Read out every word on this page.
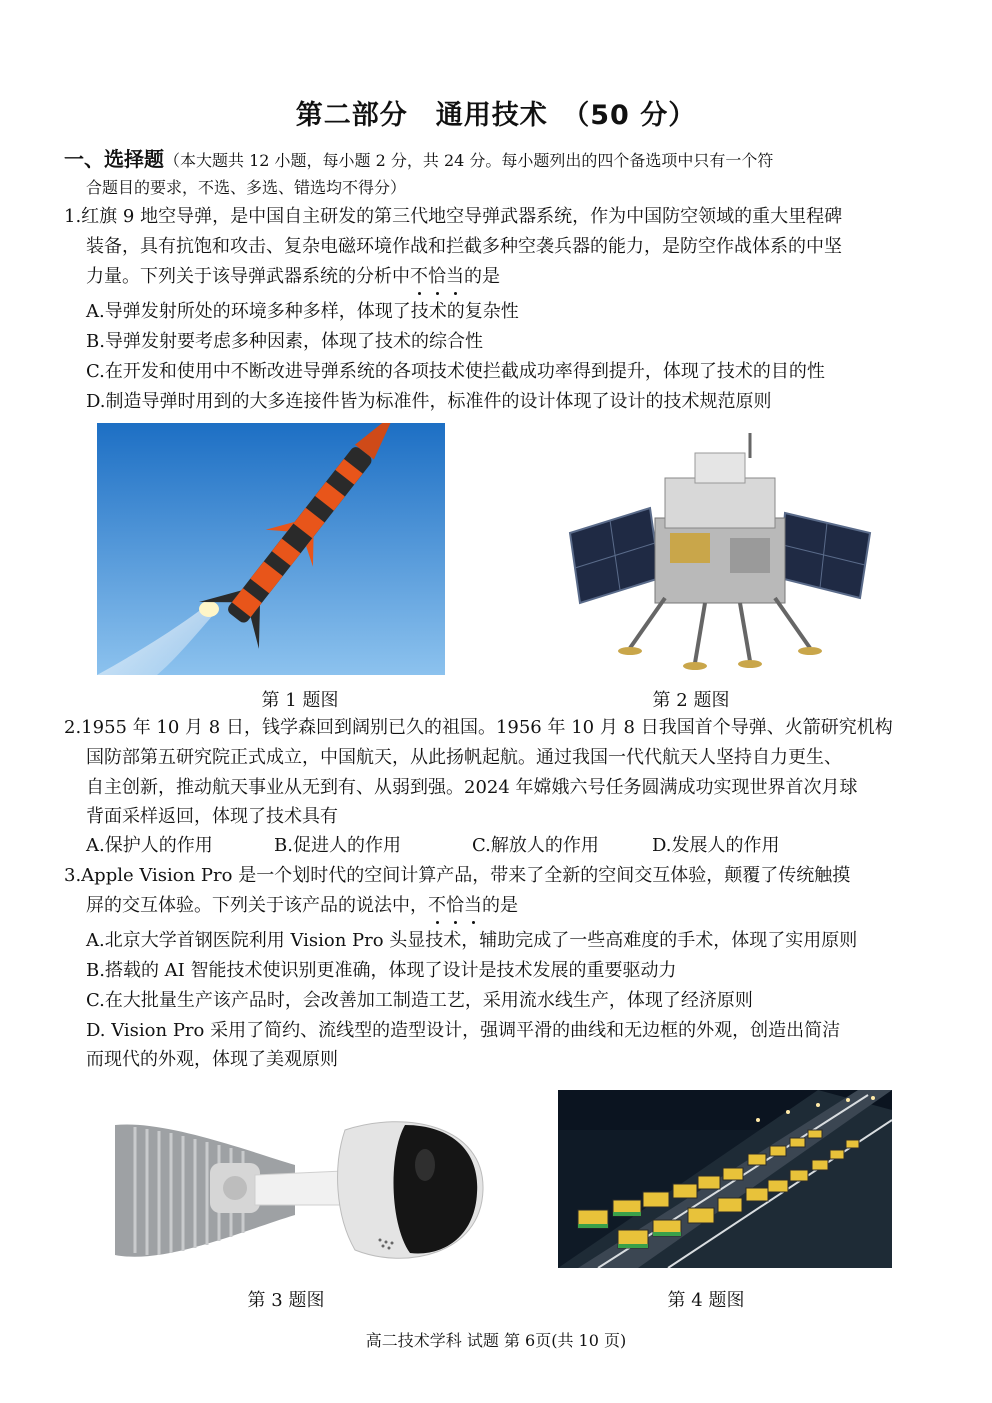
第二部分　通用技术　（50 分）
一、选择题（本大题共 12 小题，每小题 2 分，共 24 分。每小题列出的四个备选项中只有一个符
合题目的要求，不选、多选、错选均不得分）
1.红旗 9 地空导弹，是中国自主研发的第三代地空导弹武器系统，作为中国防空领域的重大里程碑
装备，具有抗饱和攻击、复杂电磁环境作战和拦截多种空袭兵器的能力，是防空作战体系的中坚
力量。下列关于该导弹武器系统的分析中不恰当的是
A.导弹发射所处的环境多种多样，体现了技术的复杂性
B.导弹发射要考虑多种因素，体现了技术的综合性
C.在开发和使用中不断改进导弹系统的各项技术使拦截成功率得到提升，体现了技术的目的性
D.制造导弹时用到的大多连接件皆为标准件，标准件的设计体现了设计的技术规范原则
第 1 题图	第 2 题图
2.1955 年 10 月 8 日，钱学森回到阔别已久的祖国。1956 年 10 月 8 日我国首个导弹、火箭研究机构
国防部第五研究院正式成立，中国航天，从此扬帆起航。通过我国一代代航天人坚持自力更生、
自主创新，推动航天事业从无到有、从弱到强。2024 年嫦娥六号任务圆满成功实现世界首次月球
背面采样返回，体现了技术具有
A.保护人的作用	B.促进人的作用	C.解放人的作用	D.发展人的作用
3.Apple Vision Pro 是一个划时代的空间计算产品，带来了全新的空间交互体验，颠覆了传统触摸
屏的交互体验。下列关于该产品的说法中，不恰当的是
A.北京大学首钢医院利用 Vision Pro 头显技术，辅助完成了一些高难度的手术，体现了实用原则
B.搭载的 AI 智能技术使识别更准确，体现了设计是技术发展的重要驱动力
C.在大批量生产该产品时，会改善加工制造工艺，采用流水线生产，体现了经济原则
D. Vision Pro 采用了简约、流线型的造型设计，强调平滑的曲线和无边框的外观，创造出简洁
而现代的外观，体现了美观原则
第 3 题图	第 4 题图
高二技术学科 试题 第 6页(共 10 页)
